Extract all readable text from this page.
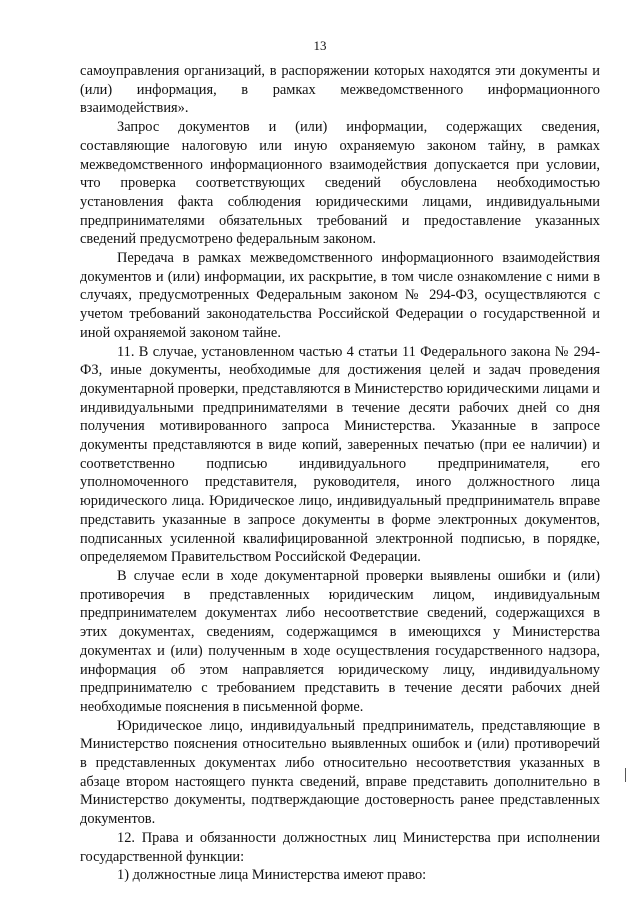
13

самоуправления организаций, в распоряжении которых находятся эти документы и (или) информация, в рамках межведомственного информационного взаимодействия».

Запрос документов и (или) информации, содержащих сведения, составляющие налоговую или иную охраняемую законом тайну, в рамках межведомственного информационного взаимодействия допускается при условии, что проверка соответствующих сведений обусловлена необходимостью установления факта соблюдения юридическими лицами, индивидуальными предпринимателями обязательных требований и предоставление указанных сведений предусмотрено федеральным законом.

Передача в рамках межведомственного информационного взаимодействия документов и (или) информации, их раскрытие, в том числе ознакомление с ними в случаях, предусмотренных Федеральным законом № 294-ФЗ, осуществляются с учетом требований законодательства Российской Федерации о государственной и иной охраняемой законом тайне.

11. В случае, установленном частью 4 статьи 11 Федерального закона № 294-ФЗ, иные документы, необходимые для достижения целей и задач проведения документарной проверки, представляются в Министерство юридическими лицами и индивидуальными предпринимателями в течение десяти рабочих дней со дня получения мотивированного запроса Министерства. Указанные в запросе документы представляются в виде копий, заверенных печатью (при ее наличии) и соответственно подписью индивидуального предпринимателя, его уполномоченного представителя, руководителя, иного должностного лица юридического лица. Юридическое лицо, индивидуальный предприниматель вправе представить указанные в запросе документы в форме электронных документов, подписанных усиленной квалифицированной электронной подписью, в порядке, определяемом Правительством Российской Федерации.

В случае если в ходе документарной проверки выявлены ошибки и (или) противоречия в представленных юридическим лицом, индивидуальным предпринимателем документах либо несоответствие сведений, содержащихся в этих документах, сведениям, содержащимся в имеющихся у Министерства документах и (или) полученным в ходе осуществления государственного надзора, информация об этом направляется юридическому лицу, индивидуальному предпринимателю с требованием представить в течение десяти рабочих дней необходимые пояснения в письменной форме.

Юридическое лицо, индивидуальный предприниматель, представляющие в Министерство пояснения относительно выявленных ошибок и (или) противоречий в представленных документах либо относительно несоответствия указанных в абзаце втором настоящего пункта сведений, вправе представить дополнительно в Министерство документы, подтверждающие достоверность ранее представленных документов.

12. Права и обязанности должностных лиц Министерства при исполнении государственной функции:

1) должностные лица Министерства имеют право:
